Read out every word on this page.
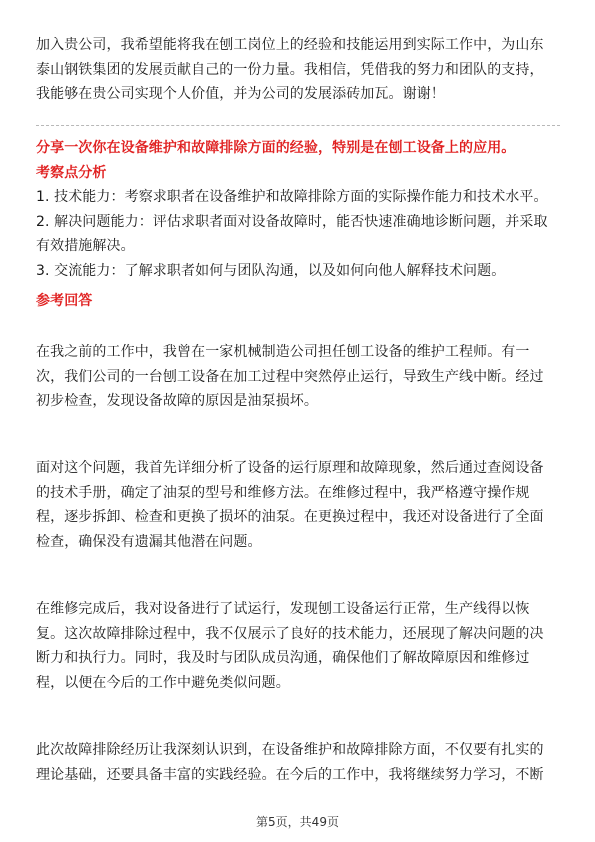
加入贵公司，我希望能将我在刨工岗位上的经验和技能运用到实际工作中，为山东
泰山钢铁集团的发展贡献自己的一份力量。我相信，凭借我的努力和团队的支持，
我能够在贵公司实现个人价值，并为公司的发展添砖加瓦。谢谢！
分享一次你在设备维护和故障排除方面的经验，特别是在刨工设备上的应用。
考察点分析
1. 技术能力：考察求职者在设备维护和故障排除方面的实际操作能力和技术水平。
2. 解决问题能力：评估求职者面对设备故障时，能否快速准确地诊断问题，并采取
有效措施解决。
3. 交流能力：了解求职者如何与团队沟通，以及如何向他人解释技术问题。
参考回答
在我之前的工作中，我曾在一家机械制造公司担任刨工设备的维护工程师。有一
次，我们公司的一台刨工设备在加工过程中突然停止运行，导致生产线中断。经过
初步检查，发现设备故障的原因是油泵损坏。
面对这个问题，我首先详细分析了设备的运行原理和故障现象，然后通过查阅设备
的技术手册，确定了油泵的型号和维修方法。在维修过程中，我严格遵守操作规
程，逐步拆卸、检查和更换了损坏的油泵。在更换过程中，我还对设备进行了全面
检查，确保没有遗漏其他潜在问题。
在维修完成后，我对设备进行了试运行，发现刨工设备运行正常，生产线得以恢
复。这次故障排除过程中，我不仅展示了良好的技术能力，还展现了解决问题的决
断力和执行力。同时，我及时与团队成员沟通，确保他们了解故障原因和维修过
程，以便在今后的工作中避免类似问题。
此次故障排除经历让我深刻认识到，在设备维护和故障排除方面，不仅要有扎实的
理论基础，还要具备丰富的实践经验。在今后的工作中，我将继续努力学习，不断
第5页，共49页
